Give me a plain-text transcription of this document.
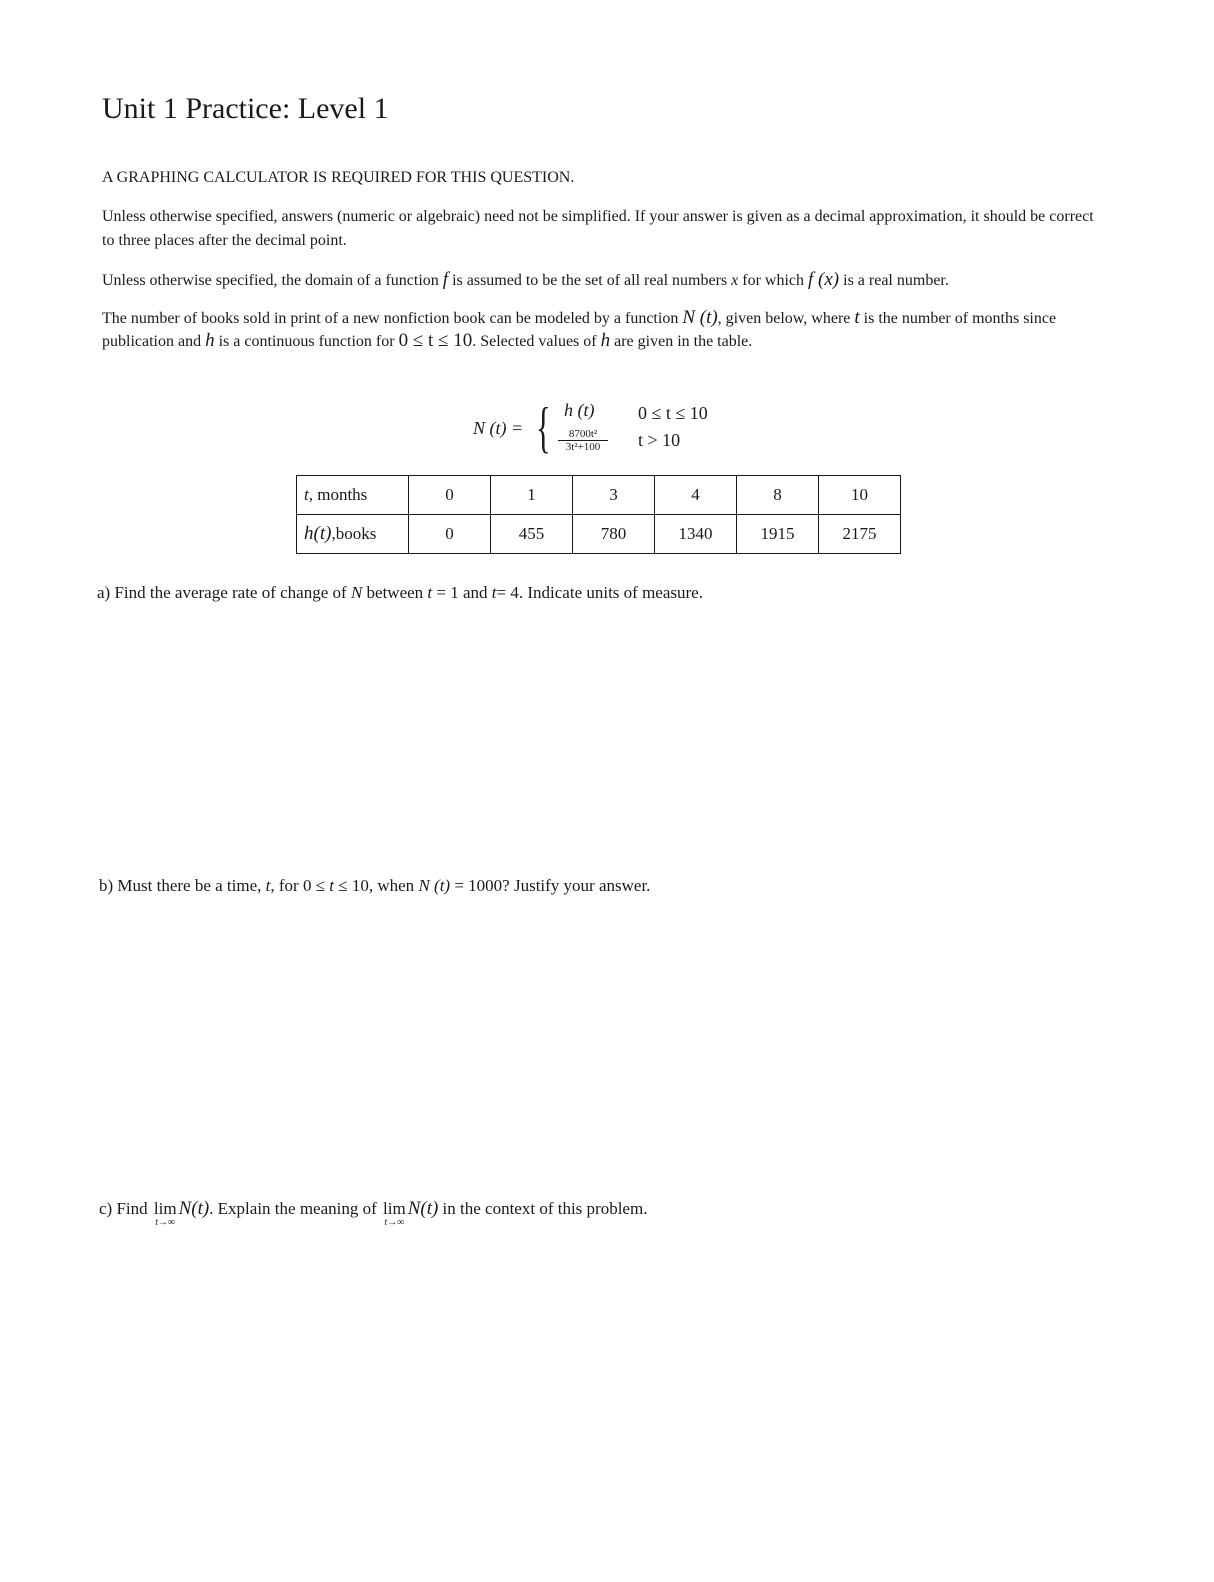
Unit 1 Practice: Level 1
A GRAPHING CALCULATOR IS REQUIRED FOR THIS QUESTION.
Unless otherwise specified, answers (numeric or algebraic) need not be simplified. If your answer is given as a decimal approximation, it should be correct to three places after the decimal point.
Unless otherwise specified, the domain of a function f is assumed to be the set of all real numbers x for which f (x) is a real number.
The number of books sold in print of a new nonfiction book can be modeled by a function N (t), given below, where t is the number of months since publication and h is a continuous function for 0 ≤ t ≤ 10. Selected values of h are given in the table.
N (t) = { h (t)
$\frac{\text{8700t²}}{\text{3t²+100}}$
0 ≤ t ≤ 10
t > 10
t, months	0	1	3	4	8	10
h(t),books	0	455	780	1340	1915	2175
a) Find the average rate of change of N between t = 1 and t= 4. Indicate units of measure.
b) Must there be a time, t, for 0 ≤ t ≤ 10, when N (t) = 1000? Justify your answer.
c) Find lim
t→∞
N(t). Explain the meaning of lim
t→∞
N(t) in the context of this problem.
